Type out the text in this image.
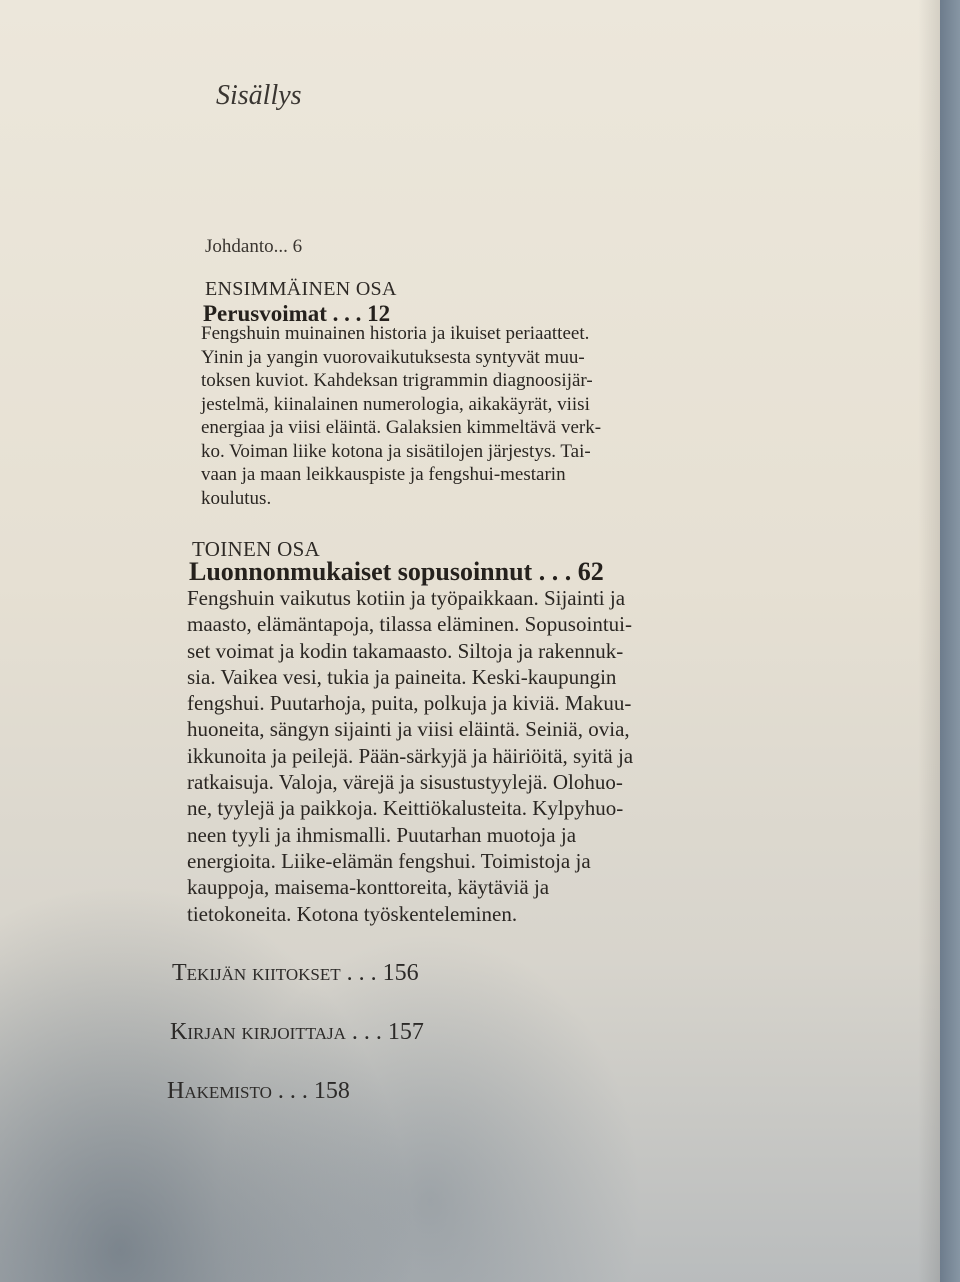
Sisällys
Johdanto... 6
ENSIMMÄINEN OSA
Perusvoimat . . . 12
Fengshuin muinainen historia ja ikuiset periaatteet.
Yinin ja yangin vuorovaikutuksesta syntyvät muu-
toksen kuviot. Kahdeksan trigrammin diagnoosijär-
jestelmä, kiinalainen numerologia, aikakäyrät, viisi
energiaa ja viisi eläintä. Galaksien kimmeltävä verk-
ko. Voiman liike kotona ja sisätilojen järjestys. Tai-
vaan ja maan leikkauspiste ja fengshui-mestarin
koulutus.
TOINEN OSA
Luonnonmukaiset sopusoinnut . . . 62
Fengshuin vaikutus kotiin ja työpaikkaan. Sijainti ja
maasto, elämäntapoja, tilassa eläminen. Sopusointui-
set voimat ja kodin takamaasto. Siltoja ja rakennuk-
sia. Vaikea vesi, tukia ja paineita. Keski-kaupungin
fengshui. Puutarhoja, puita, polkuja ja kiviä. Makuu-
huoneita, sängyn sijainti ja viisi eläintä. Seiniä, ovia,
ikkunoita ja peilejä. Pään-särkyjä ja häiriöitä, syitä ja
ratkaisuja. Valoja, värejä ja sisustustyylejä. Olohuo-
ne, tyylejä ja paikkoja. Keittiökalusteita. Kylpyhuo-
neen tyyli ja ihmismalli. Puutarhan muotoja ja
energioita. Liike-elämän fengshui. Toimistoja ja
kauppoja, maisema-konttoreita, käytäviä ja
tietokoneita. Kotona työskenteleminen.
Tekijän kiitokset . . . 156
Kirjan kirjoittaja . . . 157
Hakemisto . . . 158
